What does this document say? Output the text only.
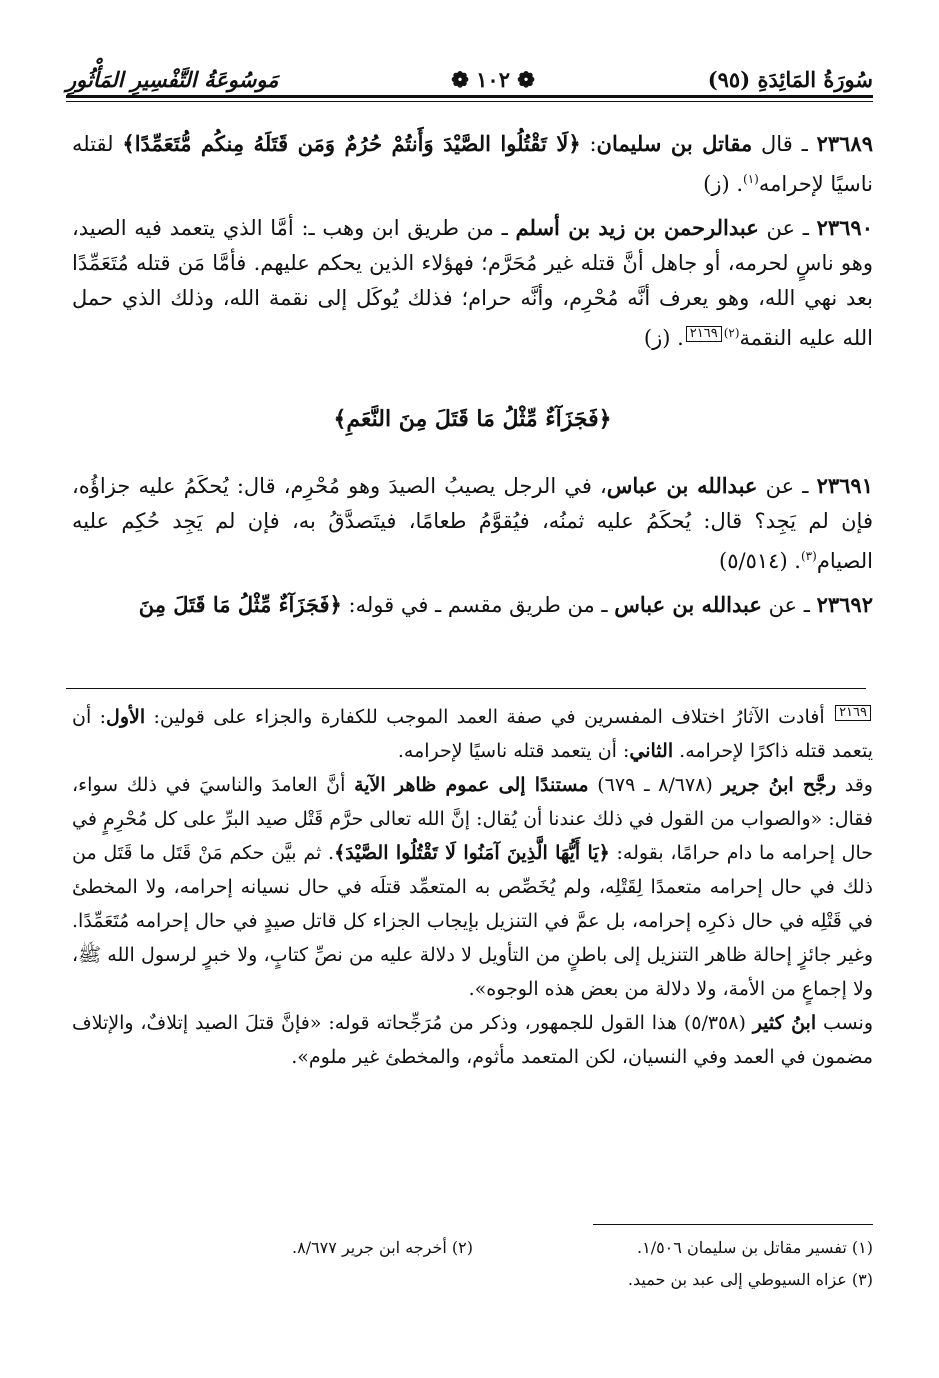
سُورَةُ المَائِدَةِ (٩٥)
❁ ١٠٢ ❁
مَوسُوعَةُ التَّفْسِيرِ المَأْثُورِ

٢٣٦٨٩ ـ قال مقاتل بن سليمان: ﴿لَا تَقْتُلُوا الصَّيْدَ وَأَنتُمْ حُرُمٌ وَمَن قَتَلَهُ مِنكُم مُّتَعَمِّدًا﴾ لقتله ناسيًا لإحرامه$^{(١)}$. (ز)

٢٣٦٩٠ ـ عن عبدالرحمن بن زيد بن أسلم ـ من طريق ابن وهب ـ: أمَّا الذي يتعمد فيه الصيد، وهو ناسٍ لحرمه، أو جاهل أنَّ قتله غير مُحَرَّم؛ فهؤلاء الذين يحكم عليهم. فأمَّا مَن قتله مُتَعَمِّدًا بعد نهي الله، وهو يعرف أنَّه مُحْرِم، وأنَّه حرام؛ فذلك يُوكَل إلى نقمة الله، وذلك الذي حمل الله عليه النقمة$^{(٢)}$٢١٦٩. (ز)

﴿فَجَزَآءٌ مِّثْلُ مَا قَتَلَ مِنَ النَّعَمِ﴾

٢٣٦٩١ ـ عن عبدالله بن عباس، في الرجل يصيبُ الصيدَ وهو مُحْرِم، قال: يُحكَمُ عليه جزاؤُه، فإن لم يَجِد؟ قال: يُحكَمُ عليه ثمنُه، فيُقوَّمُ طعامًا، فيتَصدَّقُ به، فإن لم يَجِد حُكِم عليه الصيام$^{(٣)}$. (٥/٥١٤)

٢٣٦٩٢ ـ عن عبدالله بن عباس ـ من طريق مقسم ـ في قوله: ﴿فَجَزَآءٌ مِّثْلُ مَا قَتَلَ مِنَ

٢١٦٩ أفادت الآثارُ اختلاف المفسرين في صفة العمد الموجب للكفارة والجزاء على قولين: الأول: أن يتعمد قتله ذاكرًا لإحرامه. الثاني: أن يتعمد قتله ناسيًا لإحرامه.

وقد رجَّح ابنُ جرير (٨/٦٧٨ ـ ٦٧٩) مستندًا إلى عموم ظاهر الآية أنَّ العامدَ والناسيَ في ذلك سواء، فقال: «والصواب من القول في ذلك عندنا أن يُقال: إنَّ الله تعالى حرَّم قَتْل صيد البرِّ على كل مُحْرِمٍ في حال إحرامه ما دام حرامًا، بقوله: ﴿يَا أَيُّهَا الَّذِينَ آمَنُوا لَا تَقْتُلُوا الصَّيْدَ﴾. ثم بيَّن حكم مَنْ قَتَل ما قَتَل من ذلك في حال إحرامه متعمدًا لِقَتْلِه، ولم يُخَصِّص به المتعمِّد قتلَه في حال نسيانه إحرامه، ولا المخطئ في قَتْلِه في حال ذكرِه إحرامه، بل عمَّ في التنزيل بإيجاب الجزاء كل قاتل صيدٍ في حال إحرامه مُتَعَمِّدًا. وغير جائزٍ إحالة ظاهر التنزيل إلى باطنٍ من التأويل لا دلالة عليه من نصِّ كتابٍ، ولا خبرٍ لرسول الله ﷺ، ولا إجماعٍ من الأمة، ولا دلالة من بعض هذه الوجوه».

ونسب ابنُ كثير (٥/٣٥٨) هذا القول للجمهور، وذكر من مُرَجِّحاته قوله: «فإنَّ قتلَ الصيد إتلافٌ، والإتلاف مضمون في العمد وفي النسيان، لكن المتعمد مأثوم، والمخطئ غير ملوم».

(١) تفسير مقاتل بن سليمان ١/٥٠٦.
(٢) أخرجه ابن جرير ٨/٦٧٧.
(٣) عزاه السيوطي إلى عبد بن حميد.
